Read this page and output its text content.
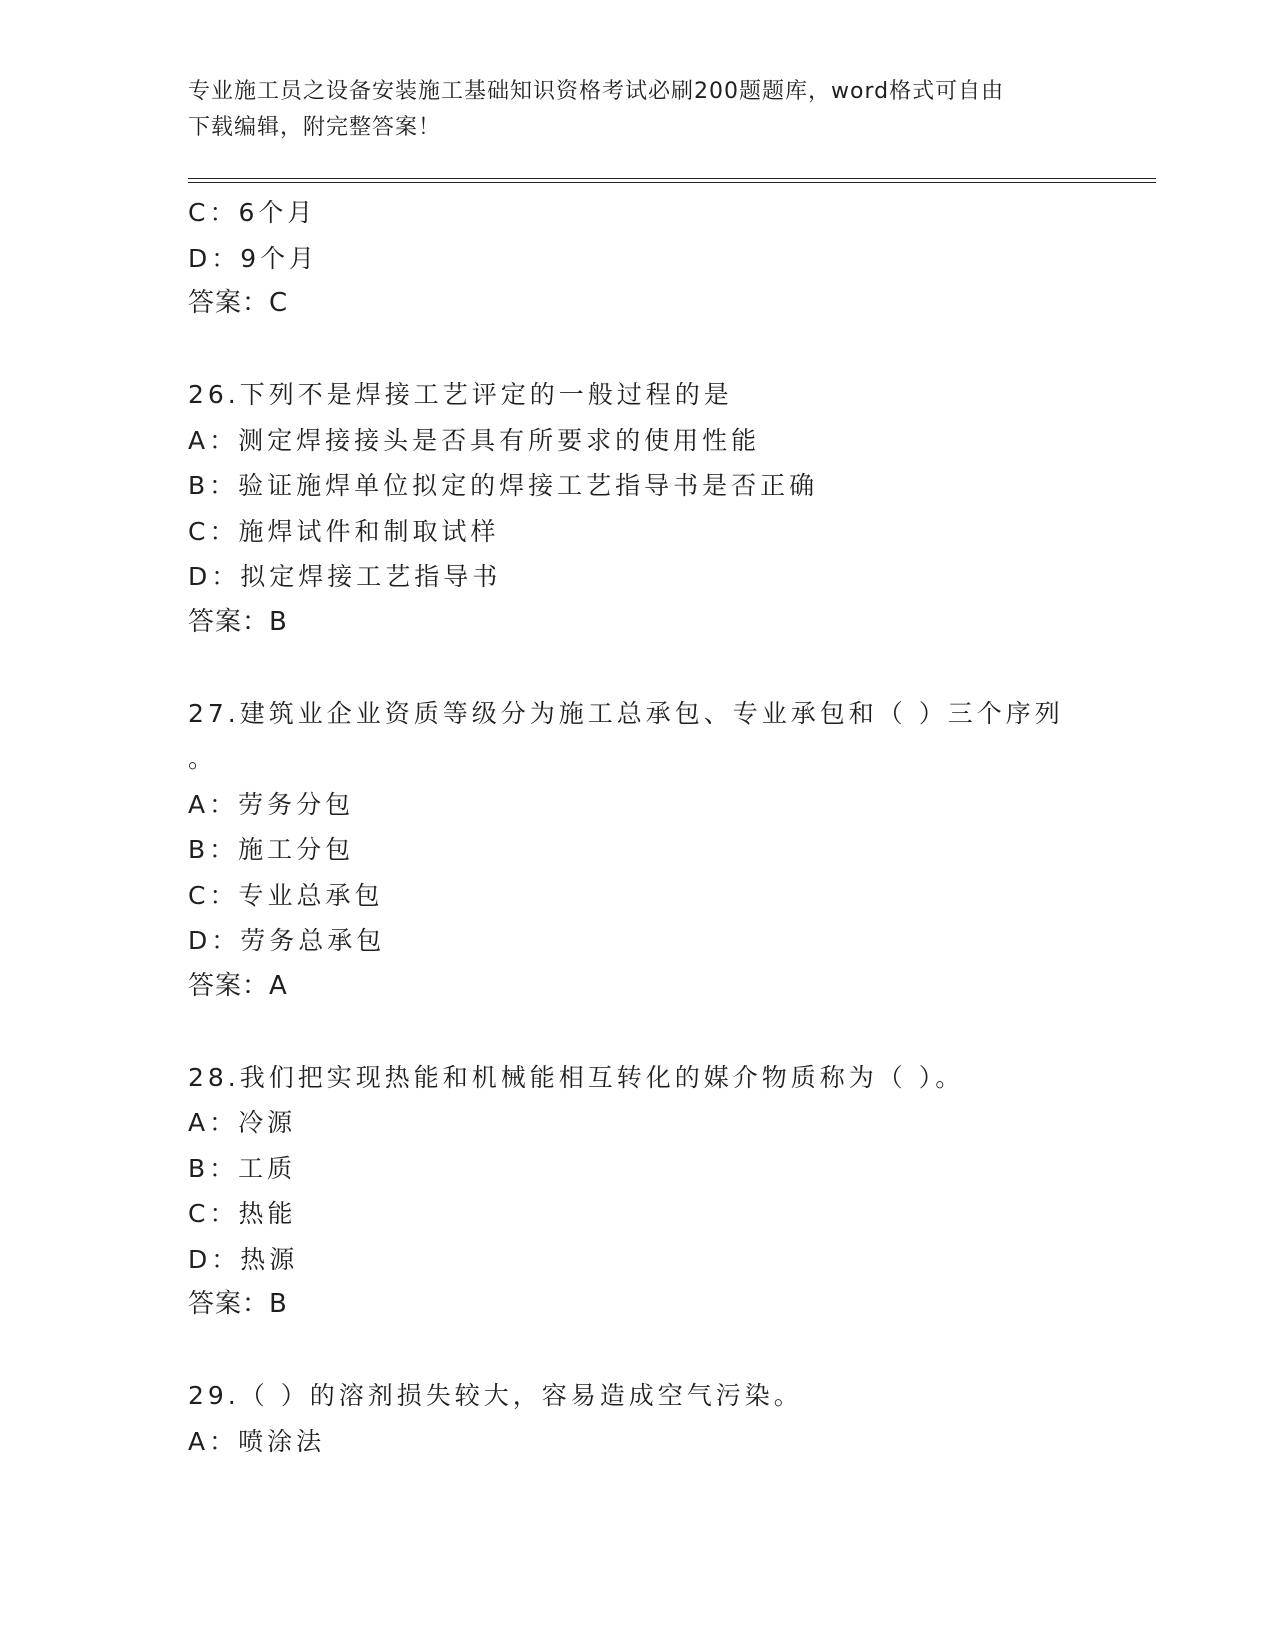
专业施工员之设备安装施工基础知识资格考试必刷200题题库，word格式可自由
下载编辑，附完整答案！
C：6个月
D：9个月
答案：C
26.下列不是焊接工艺评定的一般过程的是
A：测定焊接接头是否具有所要求的使用性能
B：验证施焊单位拟定的焊接工艺指导书是否正确
C：施焊试件和制取试样
D：拟定焊接工艺指导书
答案：B
27.建筑业企业资质等级分为施工总承包、专业承包和（ ）三个序列
。
A：劳务分包
B：施工分包
C：专业总承包
D：劳务总承包
答案：A
28.我们把实现热能和机械能相互转化的媒介物质称为（ ）。
A：冷源
B：工质
C：热能
D：热源
答案：B
29.（ ）的溶剂损失较大，容易造成空气污染。
A：喷涂法
